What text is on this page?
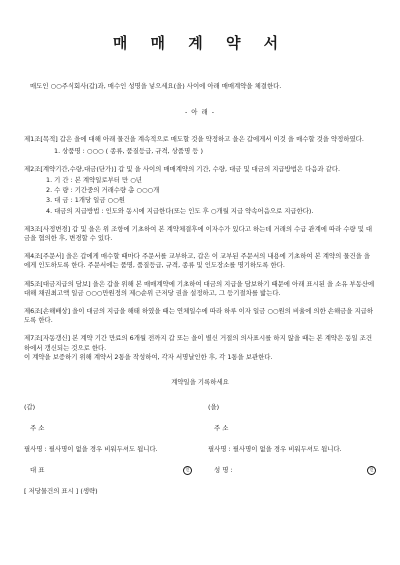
매 매 계 약 서
매도인 ○○주식회사(갑)과, 매수인 성명을 넣으세요(을) 사이에 아래 매매계약을 체결한다.
- 아 래 -
제1조[목적] 갑은 을에 대해 아래 물건을 계속적으로 매도할 것을 약정하고 을은 갑에게서 이것 을 매수할 것을 약정하였다.
1. 상품명 : ○○○ ( 종류, 품질등급, 규격, 상품명 등 )
제2조[계약기간,수량,대금(단가)] 갑 및 을 사이의 매매계약의 기간, 수량, 대금 및 대금의 지급방법은 다음과 같다.
1. 기 간 : 본 계약일로부터 만 ○년
2. 수 량 : 기간중의 거래수량 총 ○○○개
3. 대 금 : 1개당 일금 ○○원
4. 대금의 지급방법 : 인도와 동시에 지급한다(또는 인도 후 ○개월 지급 약속어음으로 지급한다).
제3조[사정변경] 갑 및 을은 위 조항에 기초하여 본 계약체결후에 이자수가 있다고 하는데 거래의 수급 관계에 따라 수량 및 대금을 협의한 후, 변경할 수 있다.
제4조[주문서] 을은 갑에게 매수할 때마다 주문서를 교부하고, 갑은 이 교부된 주문서의 내용에 기초하여 본 계약의 물건을 을에게 인도하도록 한다. 주문서에는 품명, 품질등급, 규격, 종류 및 인도장소를 명기하도록 한다.
제5조[대금지급의 담보] 을은 갑을 위해 본 매매계약에 기초하여 대금의 지급을 담보하기 때문에 아래 표시된 을 소유 부동산에 대해 채권최고액 일금 ○○○만원정의 제○순위 근저당 권을 설정하고, 그 등기절차를 밟는다.
제6조[손해배상] 을이 대금의 지급을 해태 하였을 때는 연체일수에 따라 하루 이자 일금 ○○원의 비율에 의한 손해금을 지급하도록 한다.
제7조[자동갱신] 본 계약 기간 만료의 6개월 전까지 갑 또는 을이 별신 거절의 의사표시를 하지 않을 때는 본 계약은 동일 조건하에서 갱신되는 것으로 한다.
이 계약을 보증하기 위해 계약서 2통을 작성하여, 각자 서명날인한 후, 각 1통을 보관한다.
계약일을 기록하세요
(갑)
주 소
필사명 : 필사명이 없을 경우 비워두셔도 됩니다.
대 표	인
(을)
주 소
필사명 : 필사명이 없을 경우 비워두셔도 됩니다.
성 명 :	인
[ 저당물건의 표시 ] (생략)
